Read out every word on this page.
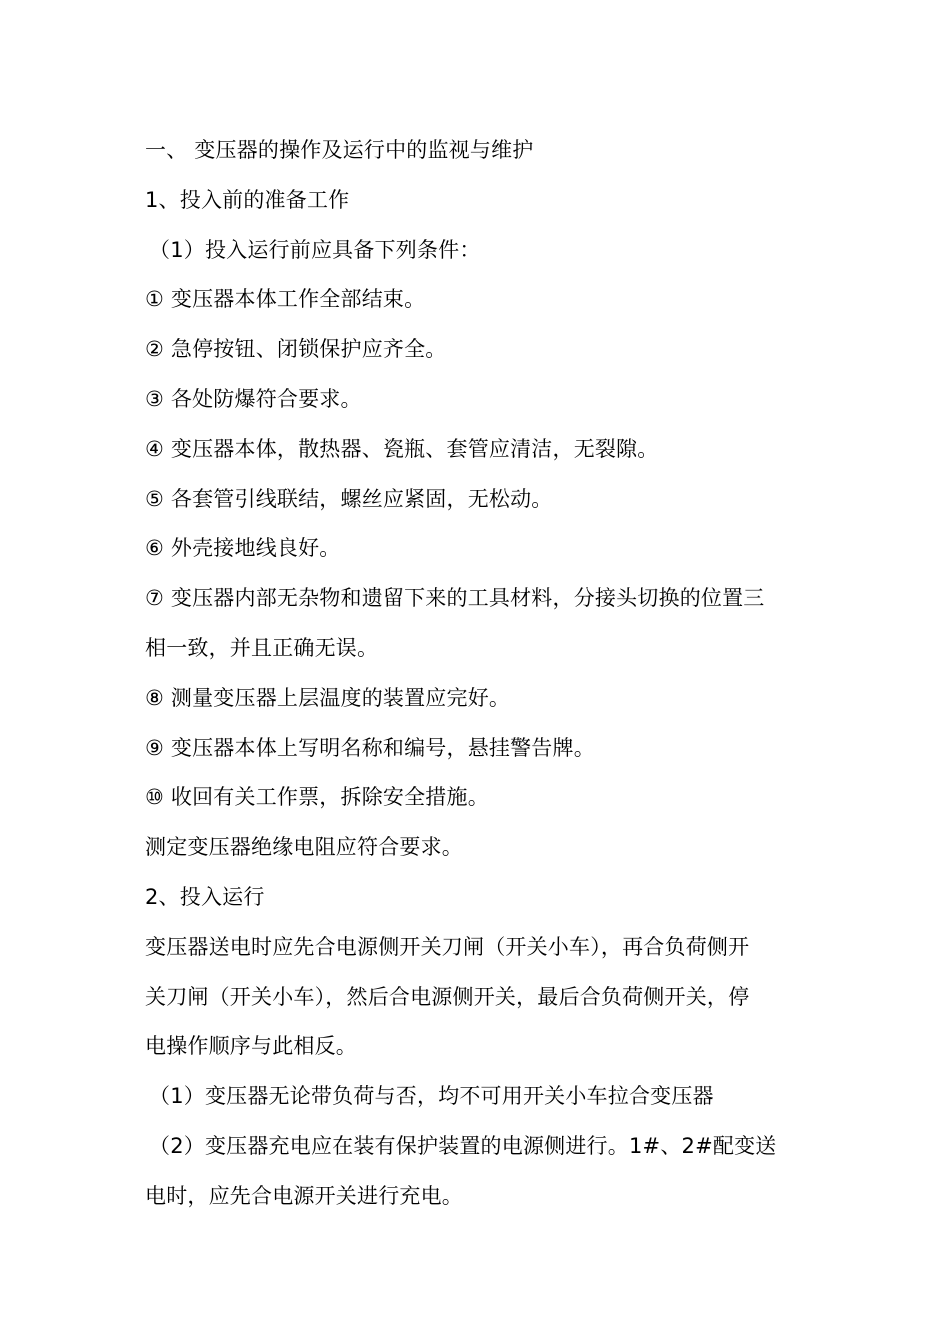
一、 变压器的操作及运行中的监视与维护
1、投入前的准备工作
（1）投入运行前应具备下列条件：
① 变压器本体工作全部结束。
② 急停按钮、闭锁保护应齐全。
③ 各处防爆符合要求。
④ 变压器本体，散热器、瓷瓶、套管应清洁，无裂隙。
⑤ 各套管引线联结，螺丝应紧固，无松动。
⑥ 外壳接地线良好。
⑦ 变压器内部无杂物和遗留下来的工具材料，分接头切换的位置三
相一致，并且正确无误。
⑧ 测量变压器上层温度的装置应完好。
⑨ 变压器本体上写明名称和编号，悬挂警告牌。
⑩ 收回有关工作票，拆除安全措施。
测定变压器绝缘电阻应符合要求。
2、投入运行
变压器送电时应先合电源侧开关刀闸（开关小车），再合负荷侧开
关刀闸（开关小车），然后合电源侧开关，最后合负荷侧开关，停
电操作顺序与此相反。
（1）变压器无论带负荷与否，均不可用开关小车拉合变压器
（2）变压器充电应在装有保护装置的电源侧进行。1#、2#配变送
电时，应先合电源开关进行充电。
